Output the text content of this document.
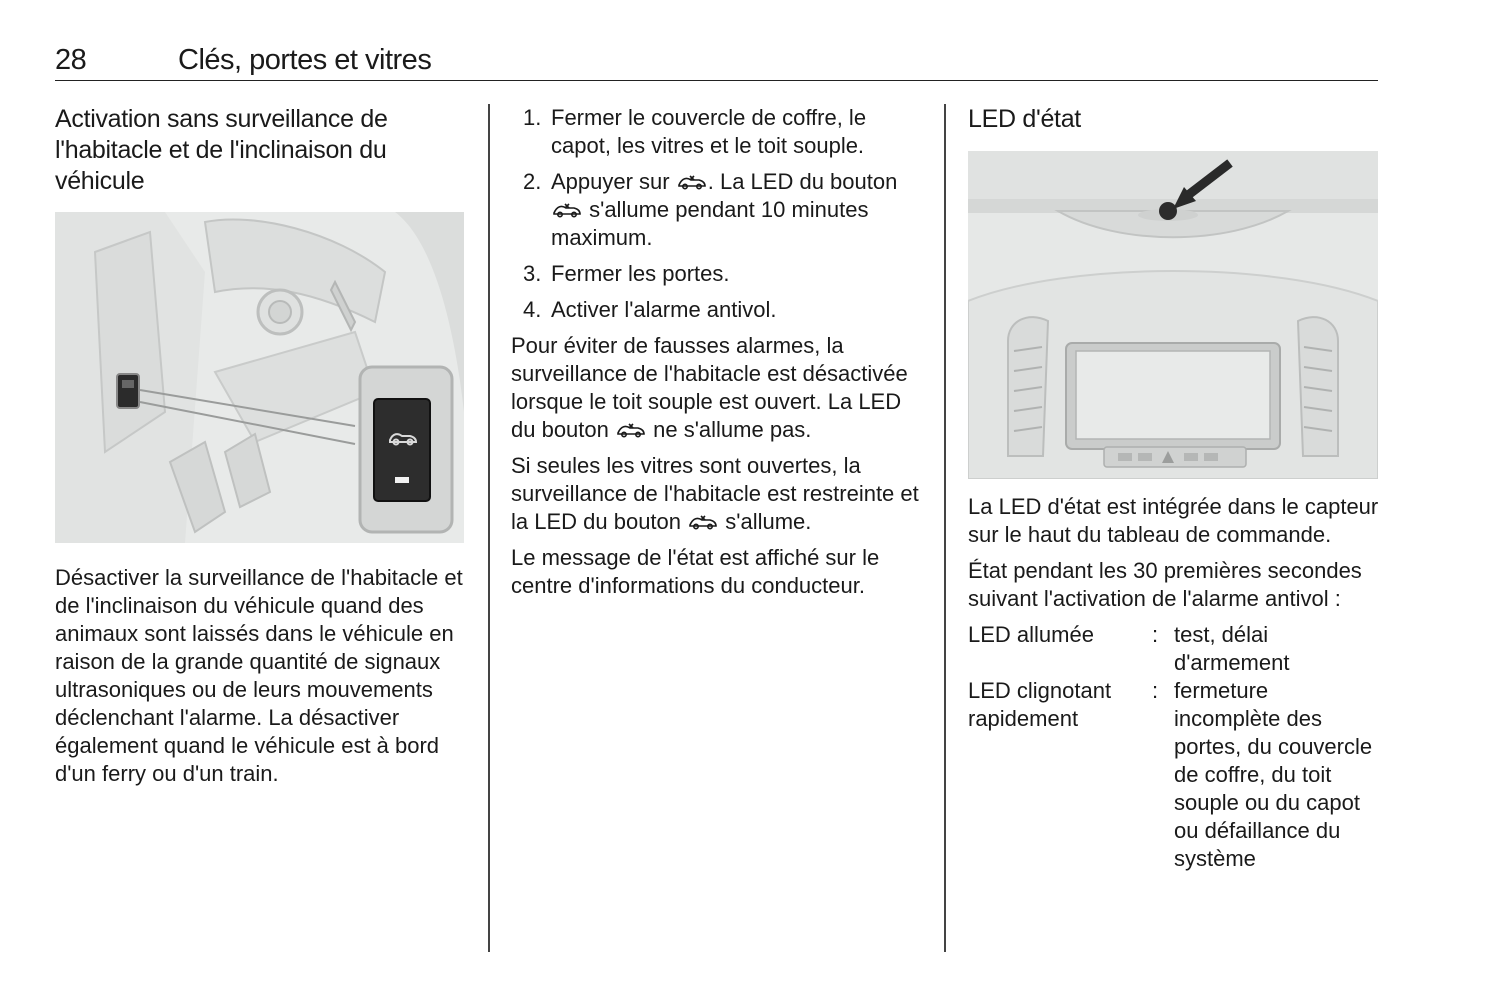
28	Clés, portes et vitres
Activation sans surveillance de l'habitacle et de l'inclinaison du véhicule

Désactiver la surveillance de l'habitacle et de l'inclinaison du véhicule quand des animaux sont laissés dans le véhicule en raison de la grande quantité de signaux ultrasoniques ou de leurs mouvements déclenchant l'alarme. La désactiver également quand le véhicule est à bord d'un ferry ou d'un train.

1. Fermer le couvercle de coffre, le capot, les vitres et le toit souple.
2. Appuyer sur . La LED du bouton  s'allume pendant 10 minutes maximum.
3. Fermer les portes.
4. Activer l'alarme antivol.

Pour éviter de fausses alarmes, la surveillance de l'habitacle est désactivée lorsque le toit souple est ouvert. La LED du bouton ne s'allume pas.

Si seules les vitres sont ouvertes, la surveillance de l'habitacle est restreinte et la LED du bouton s'allume.

Le message de l'état est affiché sur le centre d'informations du conducteur.

LED d'état

La LED d'état est intégrée dans le capteur sur le haut du tableau de commande.

État pendant les 30 premières secondes suivant l'activation de l'alarme antivol :

LED allumée	: test, délai d'armement
LED clignotant rapidement
: fermeture incomplète des portes, du couvercle de coffre, du toit souple ou du capot ou défaillance du système
